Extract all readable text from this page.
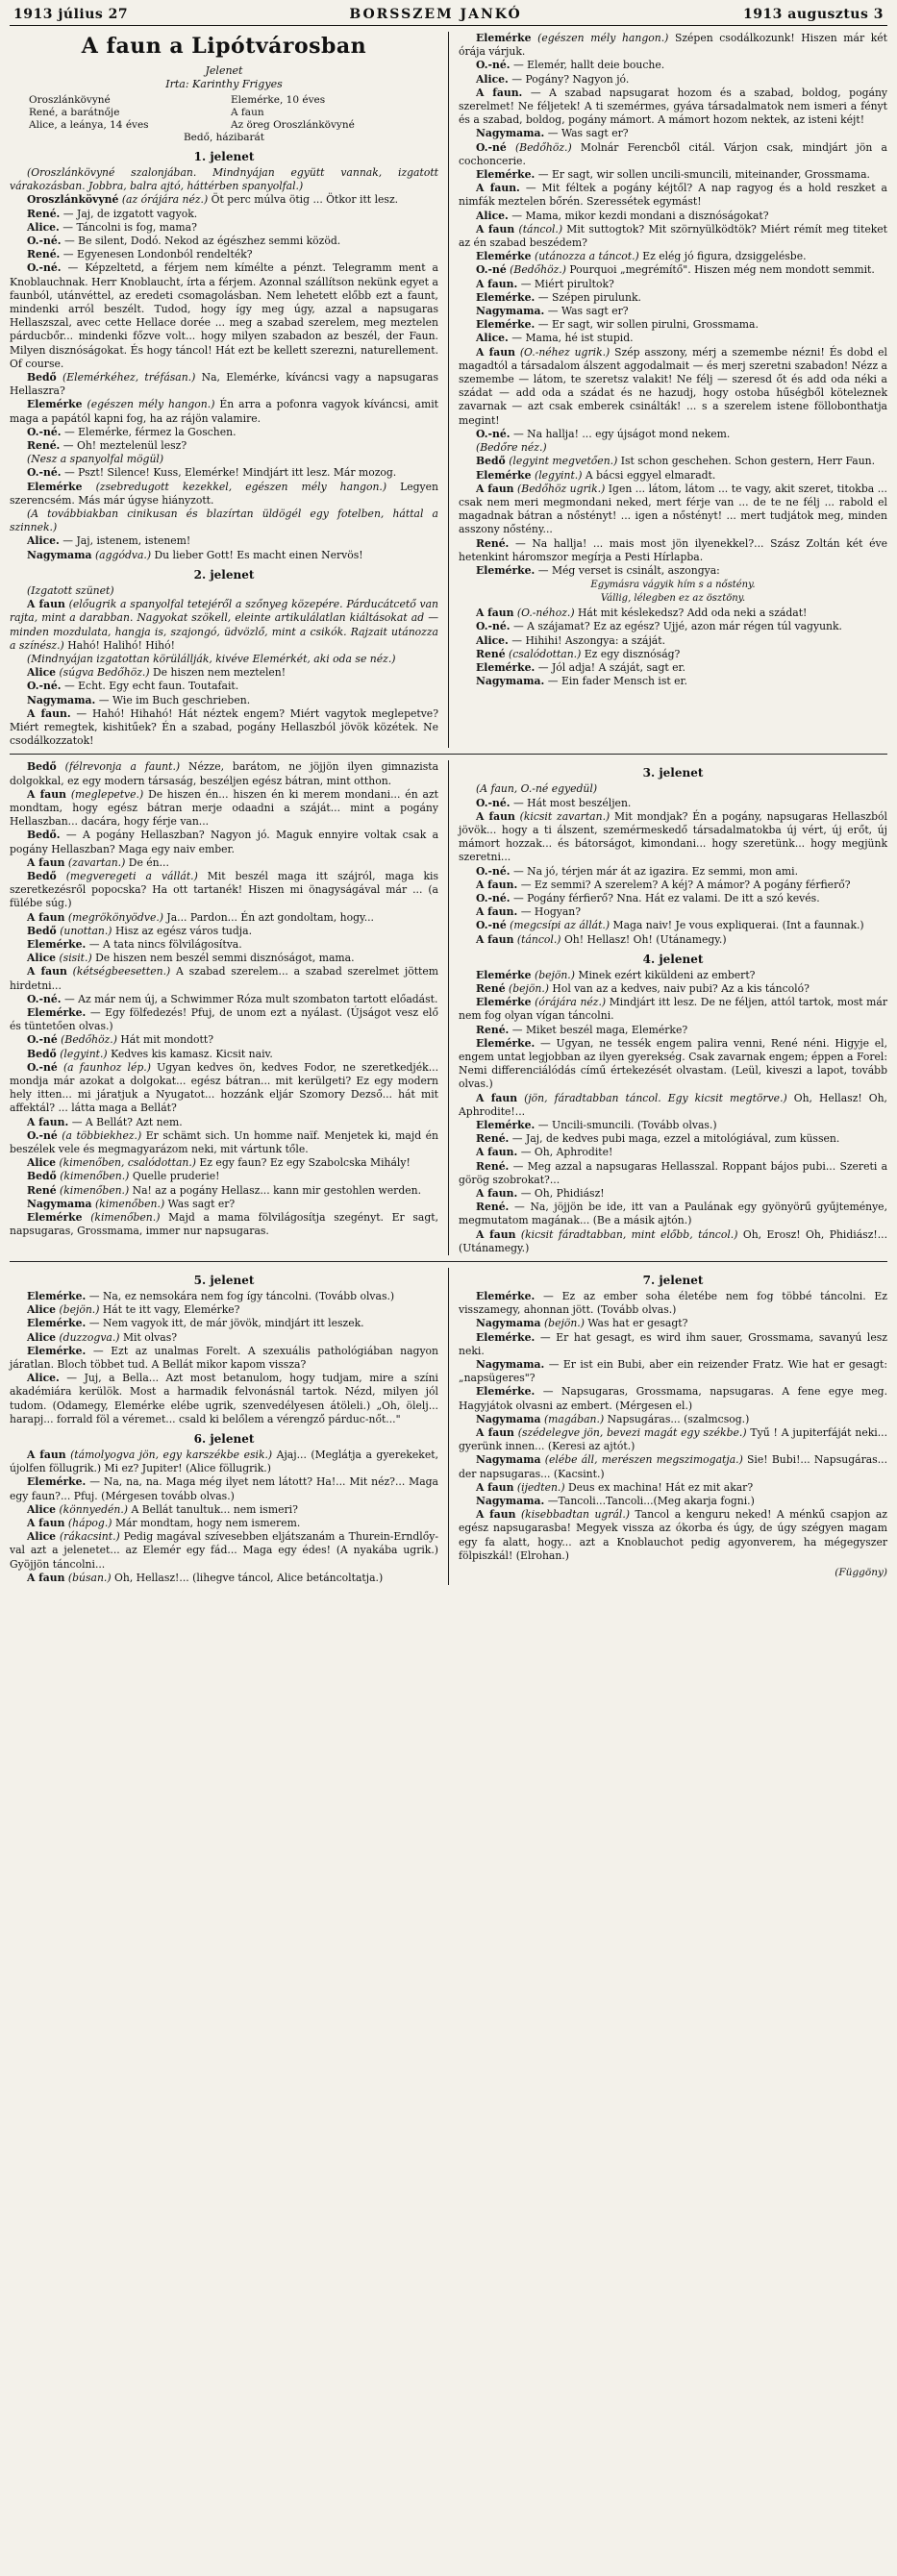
1913 július 27	BORSSZEM JANKÓ	1913 augusztus 3
A faun a Lipótvárosban
Jelenet
Irta: Karinthy Frigyes
Oroszlánkövyné	Elemérke, 10 éves
René, a barátnője	A faun
Alice, a leánya, 14 éves	Az öreg Oroszlánkövyné
Bedő, házibarát
1. jelenet

(Oroszlánkövyné szalonjában. Mindnyájan együtt vannak, izgatott várakozásban. Jobbra, balra ajtó, háttérben spanyolfal.)

Oroszlánkövyné (az órájára néz.) Öt perc múlva ötig ... Ötkor itt lesz.

René. — Jaj, de izgatott vagyok.

Alice. — Táncolni is fog, mama?

O.-né. — Be silent, Dodó. Nekod az égészhez semmi közöd.

René. — Egyenesen Londonból rendelték?

O.-né. — Képzeltetd, a férjem nem kímélte a pénzt. Telegramm ment a Knoblauchnak. Herr Knoblaucht, írta a férjem. Azonnal szállítson nekünk egyet a faunból, utánvéttel, az eredeti csomagolásban. Nem lehetett előbb ezt a faunt, mindenki arról beszélt. Tudod, hogy így meg úgy, azzal a napsugaras Hellaszszal, avec cette Hellace dorée ... meg a szabad szerelem, meg meztelen párducbőr... mindenki főzve volt... hogy milyen szabadon az beszél, der Faun. Milyen disznóságokat. És hogy táncol! Hát ezt be kellett szerezni, naturellement. Of course.

Bedő (Elemérkéhez, tréfásan.) Na, Elemérke, kíváncsi vagy a napsugaras Hellaszra?

Elemérke (egészen mély hangon.) Én arra a pofonra vagyok kíváncsi, amit maga a papától kapni fog, ha az rájön valamire.

O.-né. — Elemérke, férmez la Goschen.

René. — Oh! meztelenül lesz?

(Nesz a spanyolfal mögül)

O.-né. — Pszt! Silence! Kuss, Elemérke! Mindjárt itt lesz. Már mozog.

Elemérke (zsebredugott kezekkel, egészen mély hangon.) Legyen szerencsém. Más már úgyse hiányzott.

(A továbbiakban cinikusan és blazírtan üldögél egy fotelben, háttal a szinnek.)

Alice. — Jaj, istenem, istenem!

Nagymama (aggódva.) Du lieber Gott! Es macht einen Nervös!

2. jelenet

(Izgatott szünet)

A faun (előugrik a spanyolfal tetejéről a szőnyeg közepére. Párducátcető van rajta, mint a darabban. Nagyokat szökell, eleinte artikulálatlan kiáltásokat ad — minden mozdulata, hangja is, szajongó, üdvözlő, mint a csikók. Rajzait utánozza a színész.) Hahó! Halihó! Hihó!

(Mindnyájan izgatottan körülállják, kivéve Elemérkét, aki oda se néz.)

Alice (súgva Bedőhöz.) De hiszen nem meztelen!

O.-né. — Echt. Egy echt faun. Toutafait.

Nagymama. — Wie im Buch geschrieben.

A faun. — Hahó! Hihahó! Hát néztek engem? Miért vagytok meglepetve? Miért remegtek, kishitűek? Én a szabad, pogány Hellaszból jövök közétek. Ne csodálkozzatok!

Elemérke (egészen mély hangon.) Szépen csodálkozunk! Hiszen már két órája várjuk.

O.-né. — Elemér, hallt deie bouche.

Alice. — Pogány? Nagyon jó.

A faun. — A szabad napsugarat hozom és a szabad, boldog, pogány szerelmet! Ne féljetek! A ti szemérmes, gyáva társadalmatok nem ismeri a fényt és a szabad, boldog, pogány mámort. A mámort hozom nektek, az isteni kéjt!

Nagymama. — Was sagt er?

O.-né (Bedőhöz.) Molnár Ferencből citál. Várjon csak, mindjárt jön a cochoncerie.

Elemérke. — Er sagt, wir sollen uncili-smuncili, miteinander, Grossmama.

A faun. — Mit féltek a pogány kéjtől? A nap ragyog és a hold reszket a nimfák meztelen bőrén. Szeressétek egymást!

Alice. — Mama, mikor kezdi mondani a disznóságokat?

A faun (táncol.) Mit suttogtok? Mit szörnyülködtök? Miért rémít meg titeket az én szabad beszédem?

Elemérke (utánozza a táncot.) Ez elég jó figura, dzsiggelésbe.

O.-né (Bedőhöz.) Pourquoi „megrémítő". Hiszen még nem mondott semmit.

A faun. — Miért pirultok?

Elemérke. — Szépen pirulunk.

Nagymama. — Was sagt er?

Elemérke. — Er sagt, wir sollen pirulni, Grossmama.

Alice. — Mama, hé ist stupid.

A faun (O.-néhez ugrik.) Szép asszony, mérj a szemembe nézni! És dobd el magadtól a társadalom álszent aggodalmait — és merj szeretni szabadon! Nézz a szemembe — látom, te szeretsz valakit! Ne félj — szeresd őt és add oda néki a szádat — add oda a szádat és ne hazudj, hogy ostoba hűségből köteleznek zavarnak — azt csak emberek csinálták! ... s a szerelem istene föllobonthatja megint!

O.-né. — Na hallja! ... egy újságot mond nekem.

(Bedőre néz.)

Bedő (legyint megvetően.) Ist schon geschehen. Schon gestern, Herr Faun.

Elemérke (legyint.) A bácsi eggyel elmaradt.

A faun (Bedőhöz ugrik.) Igen ... látom, látom ... te vagy, akit szeret, titokba ... csak nem meri megmondani neked, mert férje van ... de te ne félj ... rabold el magadnak bátran a nőstényt! ... igen a nőstényt! ... mert tudjátok meg, minden asszony nőstény...

René. — Na hallja! ... mais most jön ilyenekkel?... Szász Zoltán két éve hetenkint háromszor megírja a Pesti Hírlapba.

Elemérke. — Még verset is csinált, aszongya:

Egymásra vágyik hím s a nőstény.
Vállig, lélegben ez az ösztöny.

A faun (O.-néhoz.) Hát mit késlekedsz? Add oda neki a szádat!

O.-né. — A szájamat? Ez az egész? Ujjé, azon már régen túl vagyunk.

Alice. — Hihihi! Aszongya: a száját.

René (csalódottan.) Ez egy disznóság?

Elemérke. — Jól adja! A száját, sagt er.

Nagymama. — Ein fader Mensch ist er.

Bedő (félrevonja a faunt.) Nézze, barátom, ne jöjjön ilyen gimnazista dolgokkal, ez egy modern társaság, beszéljen egész bátran, mint otthon.

A faun (meglepetve.) De hiszen én... hiszen én ki merem mondani... én azt mondtam, hogy egész bátran merje odaadni a száját... mint a pogány Hellaszban... dacára, hogy férje van...

Bedő. — A pogány Hellaszban? Nagyon jó. Maguk ennyire voltak csak a pogány Hellaszban? Maga egy naiv ember.

A faun (zavartan.) De én...

Bedő (megveregeti a vállát.) Mit beszél maga itt szájról, maga kis szeretkezésről popocska? Ha ott tartanék! Hiszen mi önagyságával már ... (a fülébe súg.)

A faun (megrökönyödve.) Ja... Pardon... Én azt gondoltam, hogy...

Bedő (unottan.) Hisz az egész város tudja.

Elemérke. — A tata nincs fölvilágosítva.

Alice (sisit.) De hiszen nem beszél semmi disznóságot, mama.

A faun (kétségbeesetten.) A szabad szerelem... a szabad szerelmet jöttem hirdetni...

O.-né. — Az már nem új, a Schwimmer Róza mult szombaton tartott előadást.

Elemérke. — Egy fölfedezés! Pfuj, de unom ezt a nyálast. (Újságot vesz elő és tüntetően olvas.)

O.-né (Bedőhöz.) Hát mit mondott?

Bedő (legyint.) Kedves kis kamasz. Kicsit naiv.

O.-né (a faunhoz lép.) Ugyan kedves ön, kedves Fodor, ne szeretkedjék... mondja már azokat a dolgokat... egész bátran... mit kerülgeti? Ez egy modern hely itten... mi járatjuk a Nyugatot... hozzánk eljár Szomory Dezső... hát mit affektál? ... látta maga a Bellát?

A faun. — A Bellát? Azt nem.

O.-né (a többiekhez.) Er schämt sich. Un homme naïf. Menjetek ki, majd én beszélek vele és megmagyarázom neki, mit vártunk tőle.

Alice (kimenőben, csalódottan.) Ez egy faun? Ez egy Szabolcska Mihály!

Bedő (kimenőben.) Quelle pruderie!

René (kimenőben.) Na! az a pogány Hellasz... kann mir gestohlen werden.

Nagymama (kimenőben.) Was sagt er?

Elemérke (kimenőben.) Majd a mama fölvilágosítja szegényt. Er sagt, napsugaras, Grossmama, immer nur napsugaras.

3. jelenet

(A faun, O.-né egyedül)

O.-né. — Hát most beszéljen.

A faun (kicsit zavartan.) Mit mondjak? Én a pogány, napsugaras Hellaszból jövök... hogy a ti álszent, szemérmeskedő társadalmatokba új vért, új erőt, új mámort hozzak... és bátorságot, kimondani... hogy szeretünk... hogy megjünk szeretni...

O.-né. — Na jó, térjen már át az igazira. Ez semmi, mon ami.

A faun. — Ez semmi? A szerelem? A kéj? A mámor? A pogány férfierő?

O.-né. — Pogány férfierő? Nna. Hát ez valami. De itt a szó kevés.

A faun. — Hogyan?

O.-né (megcsípi az állát.) Maga naiv! Je vous expliquerai. (Int a faunnak.)

A faun (táncol.) Oh! Hellasz! Oh! (Utánamegy.)

4. jelenet

Elemérke (bejön.) Minek ezért kiküldeni az embert?

René (bejön.) Hol van az a kedves, naiv pubi? Az a kis táncoló?

Elemérke (órájára néz.) Mindjárt itt lesz. De ne féljen, attól tartok, most már nem fog olyan vígan táncolni.

René. — Miket beszél maga, Elemérke?

Elemérke. — Ugyan, ne tessék engem palira venni, René néni. Higyje el, engem untat legjobban az ilyen gyerekség. Csak zavarnak engem; éppen a Forel: Nemi differenciálódás című értekezését olvastam. (Leül, kiveszi a lapot, tovább olvas.)

A faun (jön, fáradtabban táncol. Egy kicsit megtörve.) Oh, Hellasz! Oh, Aphrodite!...

Elemérke. — Uncili-smuncili. (Tovább olvas.)

René. — Jaj, de kedves pubi maga, ezzel a mitológiával, zum küssen.

A faun. — Oh, Aphrodite!

René. — Meg azzal a napsugaras Hellasszal. Roppant bájos pubi... Szereti a görög szobrokat?...

A faun. — Oh, Phidiász!

René. — Na, jöjjön be ide, itt van a Paulának egy gyönyörű gyűjteménye, megmutatom magának... (Be a másik ajtón.)

A faun (kicsit fáradtabban, mint előbb, táncol.) Oh, Erosz! Oh, Phidiász!... (Utánamegy.)

5. jelenet

Elemérke. — Na, ez nemsokára nem fog így táncolni. (Tovább olvas.)

Alice (bejön.) Hát te itt vagy, Elemérke?

Elemérke. — Nem vagyok itt, de már jövök, mindjárt itt leszek.

Alice (duzzogva.) Mit olvas?

Elemérke. — Ezt az unalmas Forelt. A szexuális pathológiában nagyon járatlan. Bloch többet tud. A Bellát mikor kapom vissza?

Alice. — Juj, a Bella... Azt most betanulom, hogy tudjam, mire a színi akadémiára kerülök. Most a harmadik felvonásnál tartok. Nézd, milyen jól tudom. (Odamegy, Elemérke elébe ugrik, szenvedélyesen átöleli.) „Oh, ölelj... harapj... forrald föl a véremet... csald ki belőlem a vérengző párduc-nőt..."

6. jelenet

A faun (támolyogva jön, egy karszékbe esik.) Ajaj... (Meglátja a gyerekeket, újolfen föllugrik.) Mi ez? Jupiter! (Alice föllugrik.)

Elemérke. — Na, na, na. Maga még ilyet nem látott? Ha!... Mit néz?... Maga egy faun?... Pfuj. (Mérgesen tovább olvas.)

Alice (könnyedén.) A Bellát tanultuk... nem ismeri?

A faun (hápog.) Már mondtam, hogy nem ismerem.

Alice (rákacsint.) Pedig magával szívesebben eljátszanám a Thurein-Erndlőy-val azt a jelenetet... az Elemér egy fád... Maga egy édes! (A nyakába ugrik.) Gyöjjön táncolni...

A faun (búsan.) Oh, Hellasz!... (lihegve táncol, Alice betáncoltatja.)

7. jelenet

Elemérke. — Ez az ember soha életébe nem fog többé táncolni. Ez visszamegy, ahonnan jött. (Tovább olvas.)

Nagymama (bejön.) Was hat er gesagt?

Elemérke. — Er hat gesagt, es wird ihm sauer, Grossmama, savanyú lesz neki.

Nagymama. — Er ist ein Bubi, aber ein reizender Fratz. Wie hat er gesagt: „napsügeres"?

Elemérke. — Napsugaras, Grossmama, napsugaras. A fene egye meg. Hagyjátok olvasni az embert. (Mérgesen el.)

Nagymama (magában.) Napsugáras... (szalmcsog.)

A faun (szédelegve jön, bevezi magát egy székbe.) Tyű ! A jupiterfáját neki... gyerünk innen... (Keresi az ajtót.)

Nagymama (elébe áll, merészen megszimogatja.) Sie! Bubi!... Napsugáras... der napsugaras... (Kacsint.)

A faun (ijedten.) Deus ex machina! Hát ez mit akar?

Nagymama. —Tancoli...Tancoli...(Meg akarja fogni.)

A faun (kisebbadtan ugrál.) Tancol a kenguru neked! A ménkű csapjon az egész napsugarasba! Megyek vissza az ókorba és úgy, de úgy szégyen magam egy fa alatt, hogy... azt a Knoblauchot pedig agyonverem, ha mégegyszer fölpiszkál! (Elrohan.)

(Függöny)
